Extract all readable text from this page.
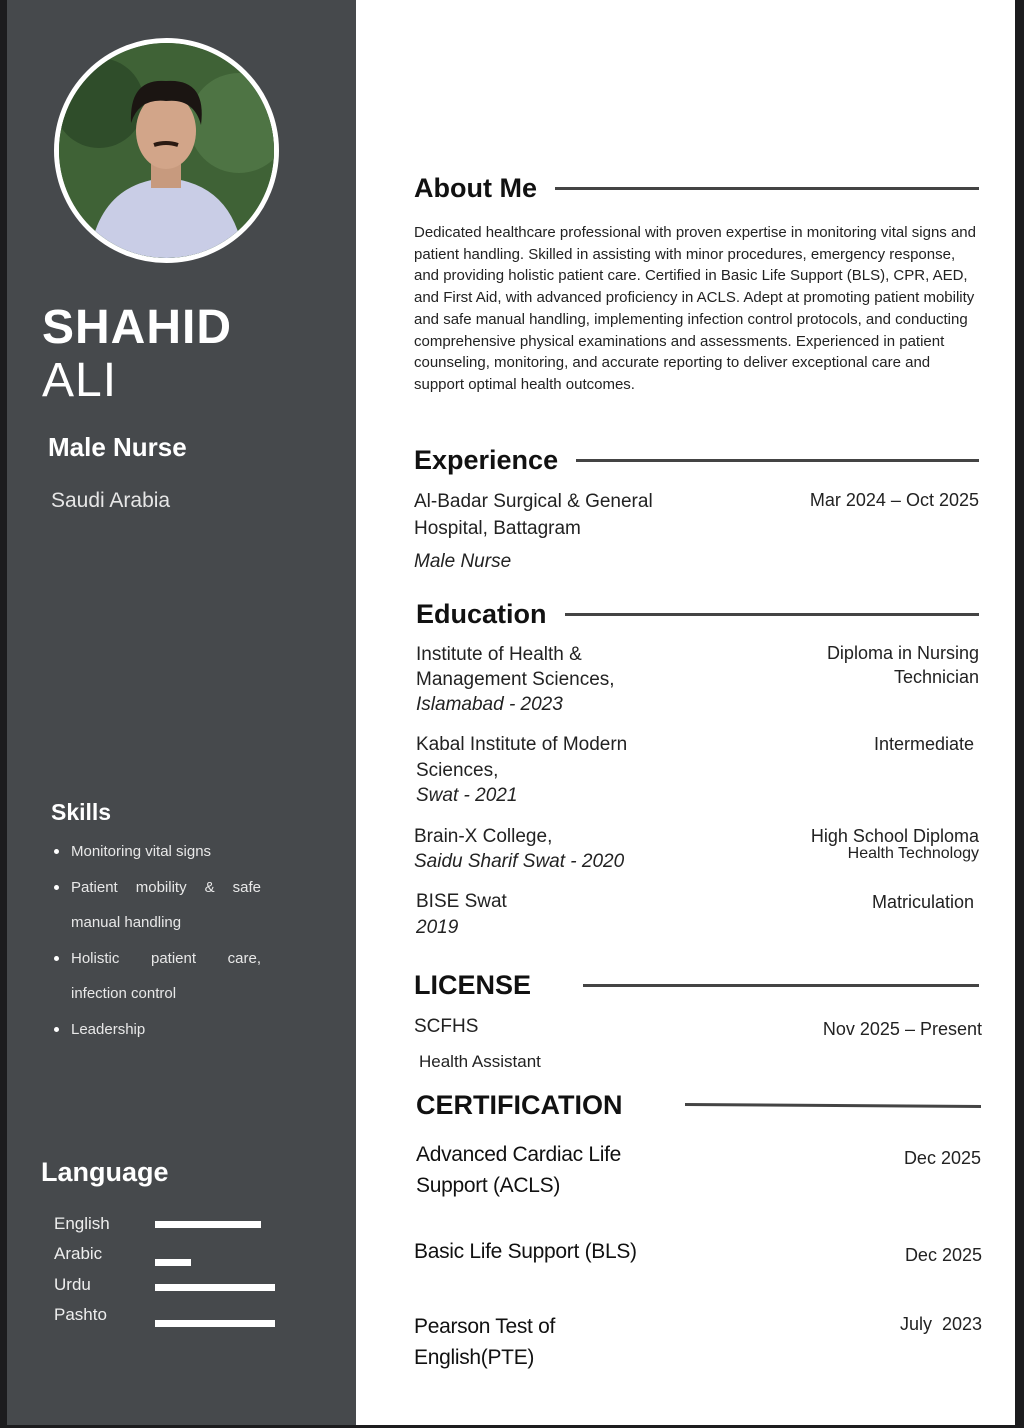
SHAHID
ALI
Male Nurse
Saudi Arabia
Skills
Monitoring vital signs
Patient mobility & safe manual handling
Holistic patient care, infection control
Leadership
Language
English
Arabic
Urdu
Pashto
About Me

Dedicated healthcare professional with proven expertise in monitoring vital signs and patient handling. Skilled in assisting with minor procedures, emergency response, and providing holistic patient care. Certified in Basic Life Support (BLS), CPR, AED, and First Aid, with advanced proficiency in ACLS. Adept at promoting patient mobility and safe manual handling, implementing infection control protocols, and conducting comprehensive physical examinations and assessments. Experienced in patient counseling, monitoring, and accurate reporting to deliver exceptional care and support optimal health outcomes.

Experience
Al-Badar Surgical & General
Hospital, Battagram
Male Nurse
Mar 2024 – Oct 2025
Education
Institute of Health &
Management Sciences,
Islamabad - 2023
Diploma in Nursing
Technician
Kabal Institute of Modern
Sciences,
Swat - 2021
Intermediate
Brain-X College,
Saidu Sharif Swat - 2020
High School Diploma
Health Technology
BISE Swat
2019
Matriculation
LICENSE
SCFHS
Health Assistant
Nov 2025 – Present
CERTIFICATION
Advanced Cardiac Life
Support (ACLS)
Dec 2025
Basic Life Support (BLS)	Dec 2025
Pearson Test of
English(PTE)
July  2023
